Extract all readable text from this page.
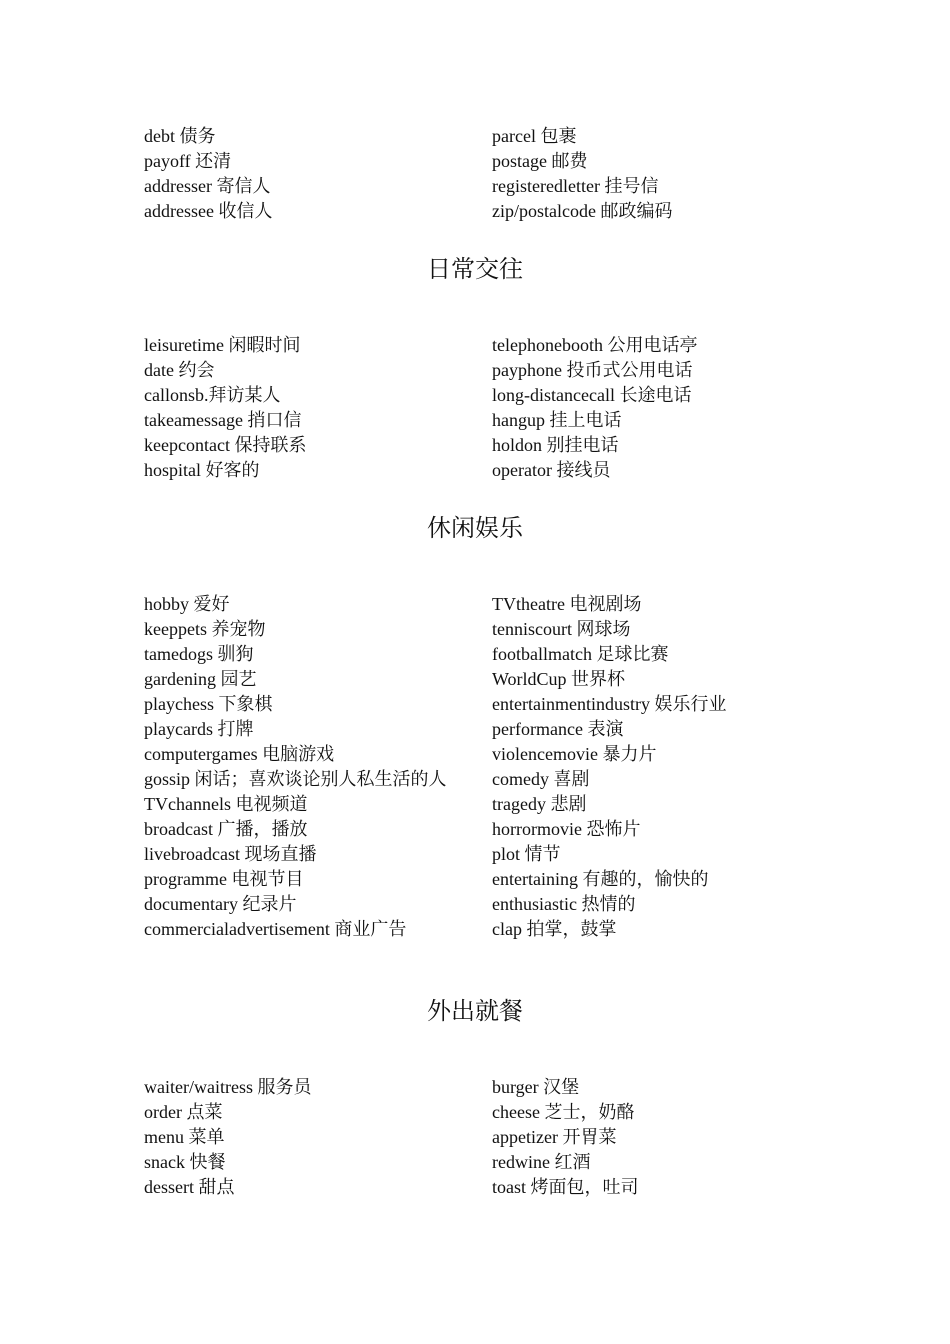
debt 债务
payoff 还清
addresser 寄信人
addressee 收信人
parcel 包裹
postage 邮费
registeredletter 挂号信
zip/postalcode 邮政编码
日常交往
leisuretime 闲暇时间
date 约会
callonsb.拜访某人
takeamessage 捎口信
keepcontact 保持联系
hospital 好客的
telephonebooth 公用电话亭
payphone 投币式公用电话
long-distancecall 长途电话
hangup 挂上电话
holdon 别挂电话
operator 接线员
休闲娱乐
hobby 爱好
keeppets 养宠物
tamedogs 驯狗
gardening 园艺
playchess 下象棋
playcards 打牌
computergames 电脑游戏
gossip 闲话；喜欢谈论别人私生活的人
TVchannels 电视频道
broadcast 广播，播放
livebroadcast 现场直播
programme 电视节目
documentary 纪录片
commercialadvertisement 商业广告
TVtheatre 电视剧场
tenniscourt 网球场
footballmatch 足球比赛
WorldCup 世界杯
entertainmentindustry 娱乐行业
performance 表演
violencemovie 暴力片
comedy 喜剧
tragedy 悲剧
horrormovie 恐怖片
plot 情节
entertaining 有趣的，愉快的
enthusiastic 热情的
clap 拍掌，鼓掌
外出就餐
waiter/waitress 服务员
order 点菜
menu 菜单
snack 快餐
dessert 甜点
burger 汉堡
cheese 芝士，奶酪
appetizer 开胃菜
redwine 红酒
toast 烤面包，吐司
